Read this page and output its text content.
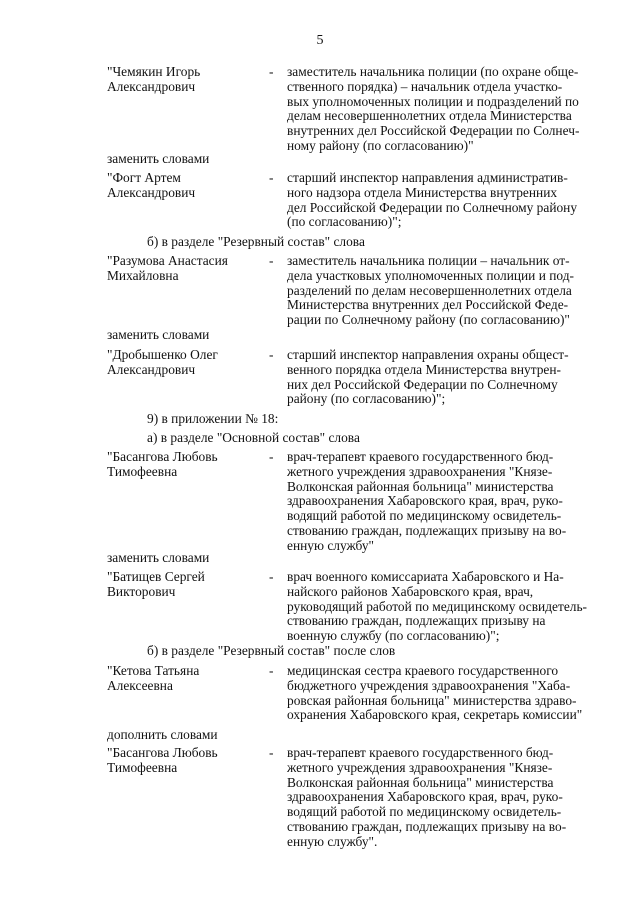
5
"Чемякин Игорь
Александрович
-	заместитель начальника полиции (по охране обще-
ственного порядка) – начальник отдела участко-
вых уполномоченных полиции и подразделений по
делам несовершеннолетних отдела Министерства
внутренних дел Российской Федерации по Солнеч-
ному району (по согласованию)"
заменить словами
"Фогт Артем
Александрович
-	старший инспектор направления административ-
ного надзора отдела Министерства внутренних
дел Российской Федерации по Солнечному району
(по согласованию)";
б) в разделе "Резервный состав" слова
"Разумова Анастасия
Михайловна
-	заместитель начальника полиции – начальник от-
дела участковых уполномоченных полиции и под-
разделений по делам несовершеннолетних отдела
Министерства внутренних дел Российской Феде-
рации по Солнечному району (по согласованию)"
заменить словами
"Дробышенко Олег
Александрович
-	старший инспектор направления охраны общест-
венного порядка отдела Министерства внутрен-
них дел Российской Федерации по Солнечному
району (по согласованию)";
9) в приложении № 18:
а) в разделе "Основной состав" слова
"Басангова Любовь
Тимофеевна
-	врач-терапевт краевого государственного бюд-
жетного учреждения здравоохранения "Князе-
Волконская районная больница" министерства
здравоохранения Хабаровского края, врач, руко-
водящий работой по медицинскому освидетель-
ствованию граждан, подлежащих призыву на во-
енную службу"
заменить словами
"Батищев Сергей
Викторович
-	врач военного комиссариата Хабаровского и На-
найского районов Хабаровского края, врач,
руководящий работой по медицинскому освидетель-
ствованию граждан, подлежащих призыву на
военную службу (по согласованию)";
б) в разделе "Резервный состав" после слов
"Кетова Татьяна
Алексеевна
-	медицинская сестра краевого государственного
бюджетного учреждения здравоохранения "Хаба-
ровская районная больница" министерства здраво-
охранения Хабаровского края, секретарь комиссии"
дополнить словами
"Басангова Любовь
Тимофеевна
-	врач-терапевт краевого государственного бюд-
жетного учреждения здравоохранения "Князе-
Волконская районная больница" министерства
здравоохранения Хабаровского края, врач, руко-
водящий работой по медицинскому освидетель-
ствованию граждан, подлежащих призыву на во-
енную службу".
